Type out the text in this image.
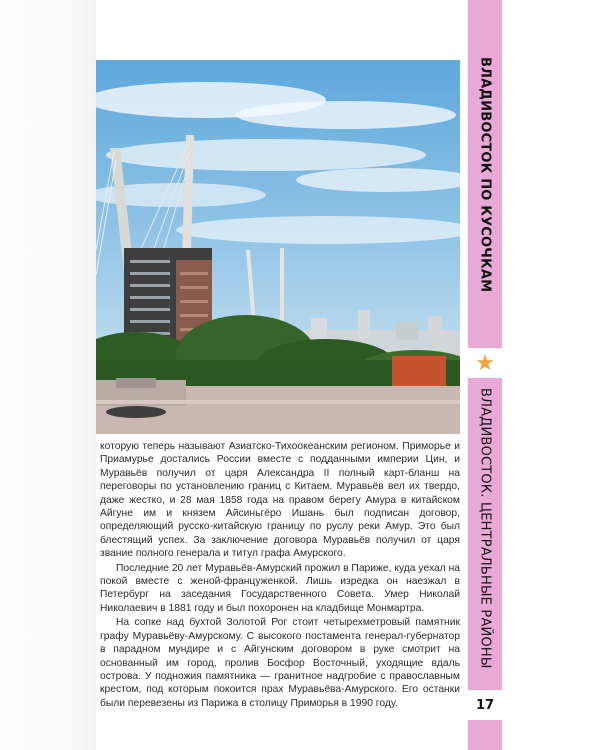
которую теперь называют Азиатско-Тихоокеанским регионом. Приморье и Приамурье достались России вместе с подданными империи Цин, и Муравьёв получил от царя Александра II полный карт-бланш на переговоры по установлению границ с Китаем. Муравьёв вел их твердо, даже жестко, и 28 мая 1858 года на правом берегу Амура в китайском Айгуне им и князем Айсиньгёро Ишань был подписан договор, определяющий русско-китайскую границу по руслу реки Амур. Это был блестящий успех. За заключение договора Муравьёв получил от царя звание полного генерала и титул графа Амурского.

Последние 20 лет Муравьёв-Амурский прожил в Париже, куда уехал на покой вместе с женой-француженкой. Лишь изредка он наезжал в Петербург на заседания Государственного Совета. Умер Николай Николаевич в 1881 году и был похоронен на кладбище Монмартра.

На сопке над бухтой Золотой Рог стоит четырехметровый памятник графу Муравьёву-Амурскому. С высокого постамента генерал-губернатор в парадном мундире и с Айгунским договором в руке смотрит на основанный им город, пролив Босфор Восточный, уходящие вдаль острова. У подножия памятника — гранитное надгробие с православным крестом, под которым покоится прах Муравьёва-Амурского. Его останки были перевезены из Парижа в столицу Приморья в 1990 году.

ВЛАДИВОСТОК ПО КУСОЧКАМ
ВЛАДИВОСТОК. ЦЕНТРАЛЬНЫЕ РАЙОНЫ
★
17
